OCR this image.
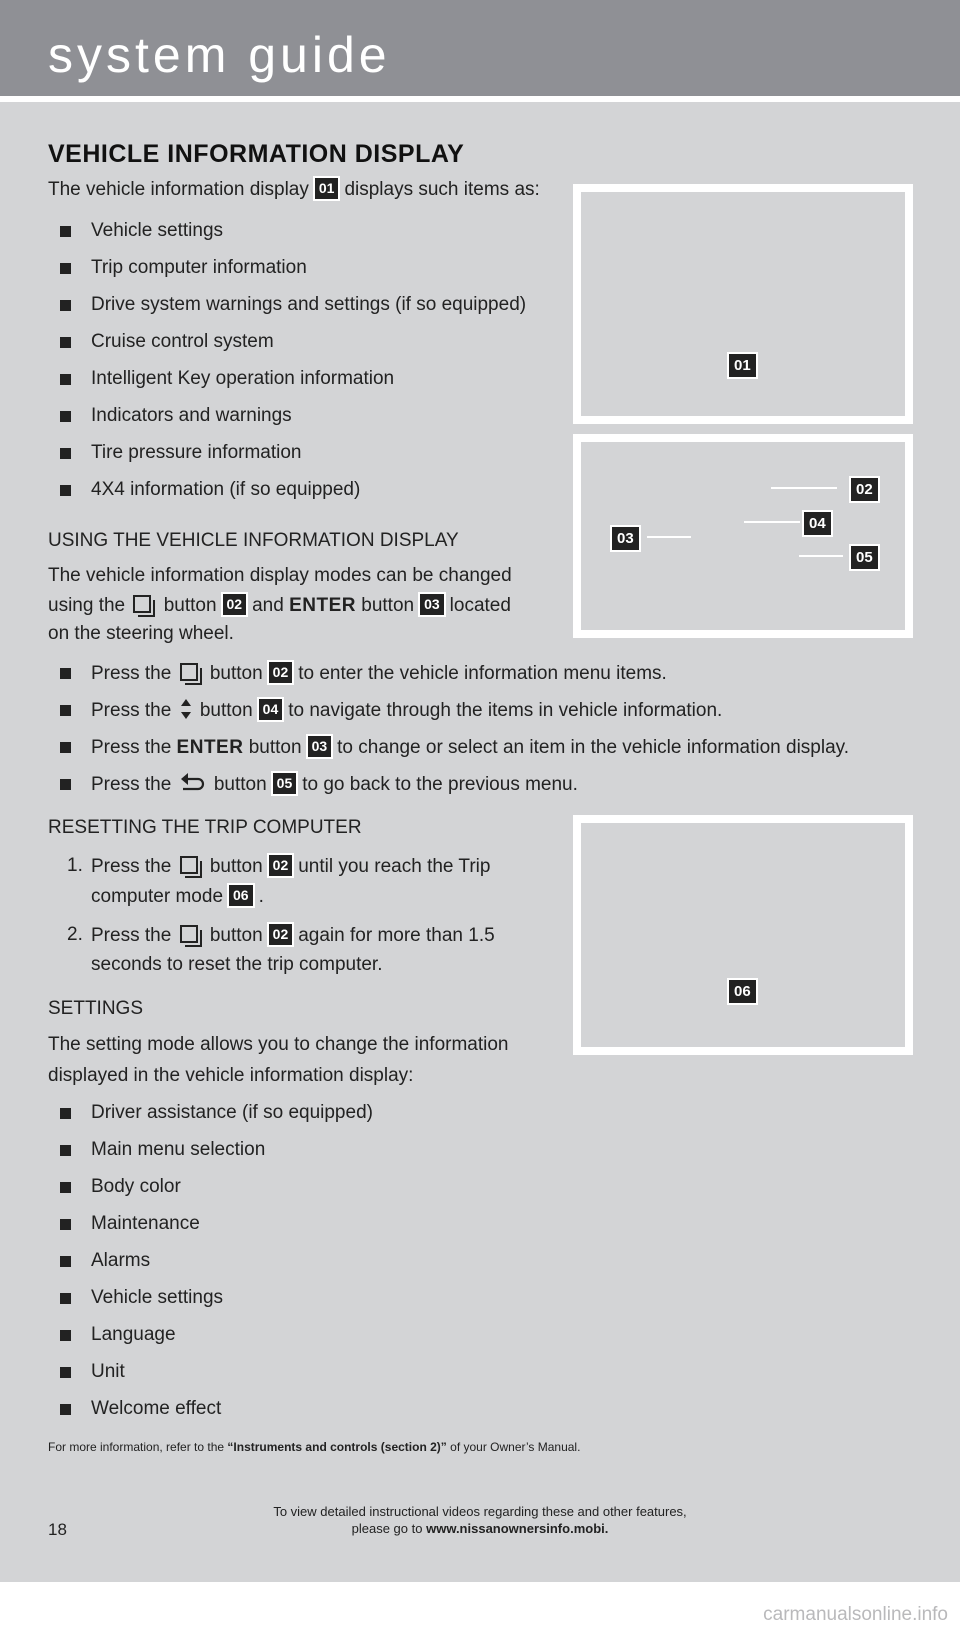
system guide
VEHICLE INFORMATION DISPLAY
The vehicle information display 01 displays such items as:
Vehicle settings
Trip computer information
Drive system warnings and settings (if so equipped)
Cruise control system
Intelligent Key operation information
Indicators and warnings
Tire pressure information
4X4 information (if so equipped)
USING THE VEHICLE INFORMATION DISPLAY
The vehicle information display modes can be changed
using the button 02 and ENTER button 03 located
on the steering wheel.
Press the button 02 to enter the vehicle information menu items.
Press the button 04 to navigate through the items in vehicle information.
Press the ENTER button 03 to change or select an item in the vehicle information display.
Press the button 05 to go back to the previous menu.
RESETTING THE TRIP COMPUTER
1. Press the button 02 until you reach the Trip
computer mode 06 .
2. Press the button 02 again for more than 1.5
seconds to reset the trip computer.
SETTINGS
The setting mode allows you to change the information
displayed in the vehicle information display:
Driver assistance (if so equipped)
Main menu selection
Body color
Maintenance
Alarms
Vehicle settings
Language
Unit
Welcome effect
01
02
03
04
05
06
For more information, refer to the “Instruments and controls (section 2)” of your Owner’s Manual.
To view detailed instructional videos regarding these and other features,
please go to www.nissanownersinfo.mobi.
18
carmanualsonline.info
